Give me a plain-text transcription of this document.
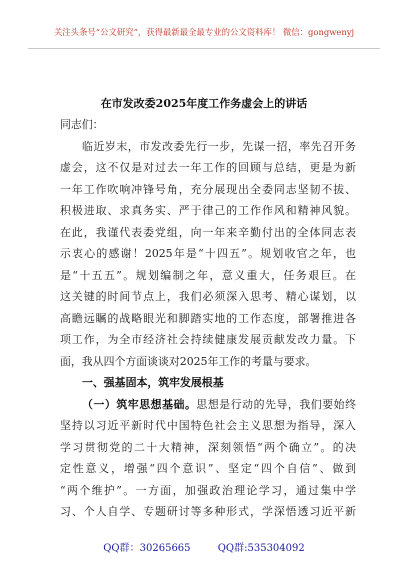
关注头条号“公文研究”，获得最新最全最专业的公文资料库！ 微信：gongwenyj
在市发改委2025年度工作务虚会上的讲话
同志们：
临近岁末，市发改委先行一步，先谋一招，率先召开务
虚会，这不仅是对过去一年工作的回顾与总结，更是为新
一年工作吹响冲锋号角，充分展现出全委同志坚韧不拔、
积极进取、求真务实、严于律己的工作作风和精神风貌。
在此，我谨代表委党组，向一年来辛勤付出的全体同志表
示衷心的感谢！2025年是“十四五”。规划收官之年，也
是“十五五”。规划编制之年，意义重大，任务艰巨。在
这关键的时间节点上，我们必须深入思考、精心谋划，以
高瞻远瞩的战略眼光和脚踏实地的工作态度，部署推进各
项工作，为全市经济社会持续健康发展贡献发改力量。下
面，我从四个方面谈谈对2025年工作的考量与要求。
一、强基固本，筑牢发展根基
（一）筑牢思想基础。思想是行动的先导，我们要始终
坚持以习近平新时代中国特色社会主义思想为指导，深入
学习贯彻党的二十大精神，深刻领悟“两个确立”。的决
定性意义，增强“四个意识”、坚定“四个自信”、做到
“两个维护”。一方面，加强政治理论学习，通过集中学
习、个人自学、专题研讨等多种形式，学深悟透习近平新
QQ群：30265665	QQ群:535304092
